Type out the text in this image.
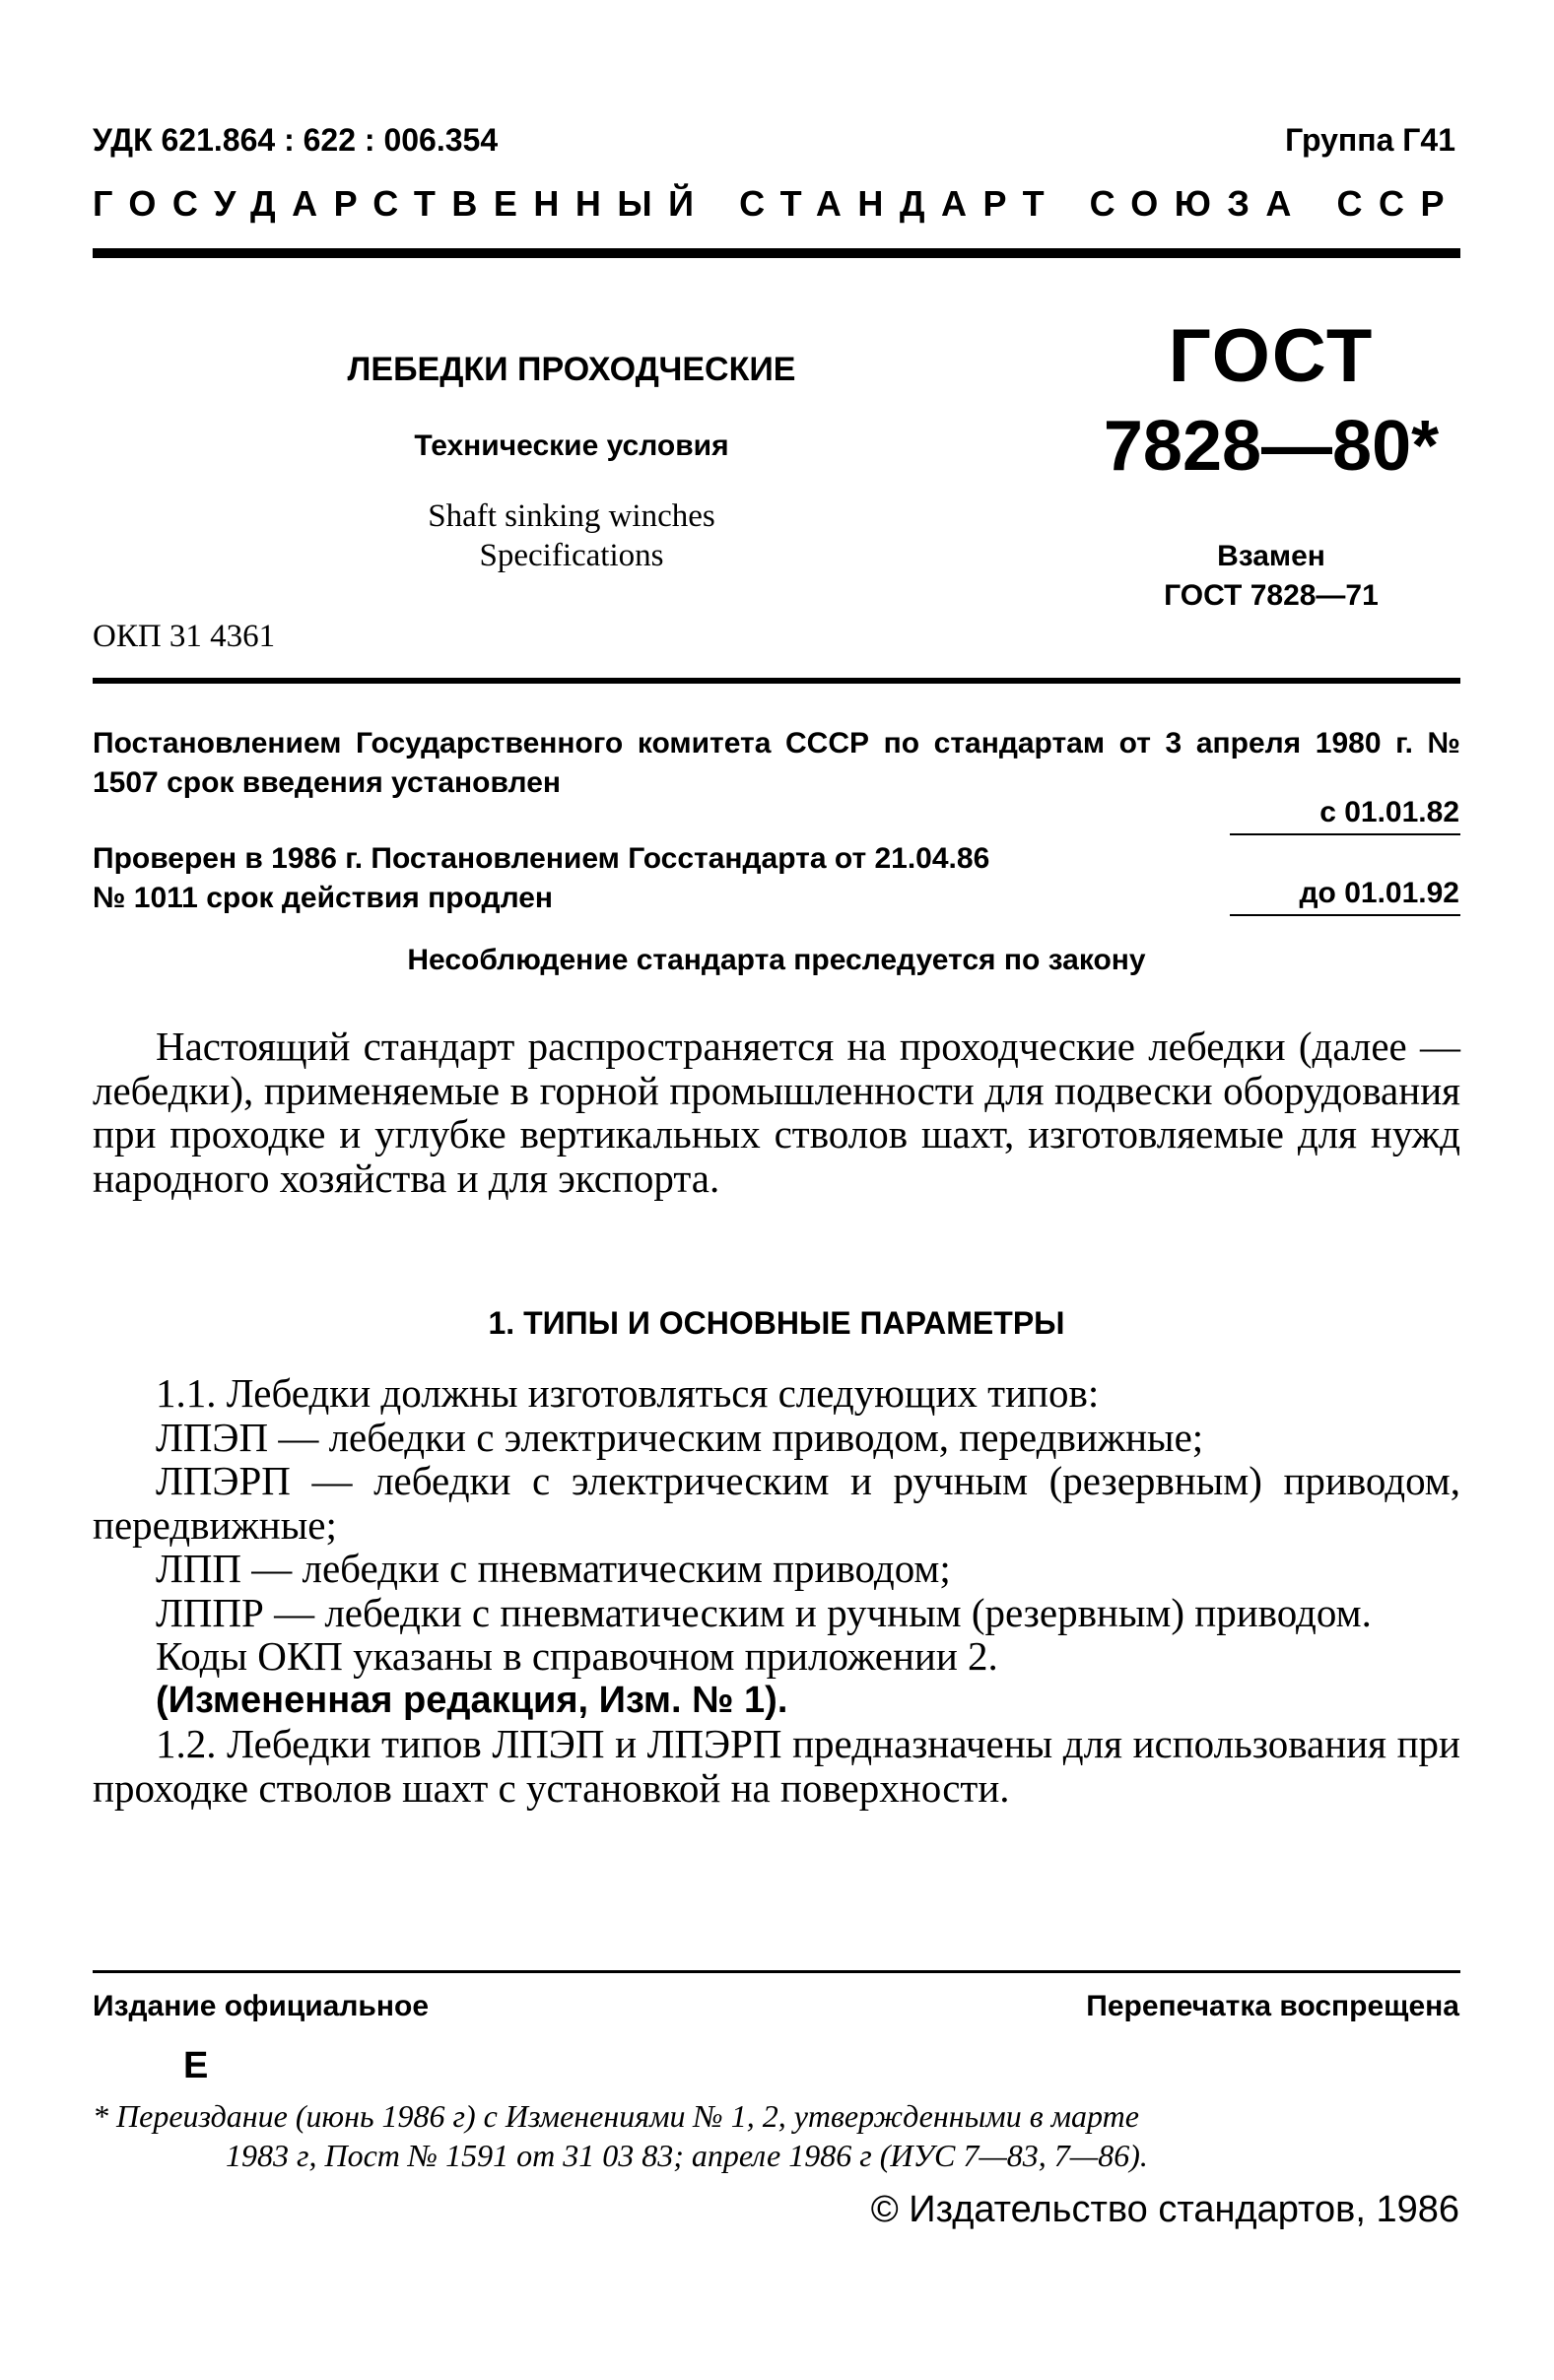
УДК 621.864 : 622 : 006.354	Группа Г41
ГОСУДАРСТВЕННЫЙ СТАНДАРТ СОЮЗА ССР
ЛЕБЕДКИ ПРОХОДЧЕСКИЕ
Технические условия
Shaft sinking winches
Specifications
ОКП 31 4361
ГОСТ
7828—80*
Взамен
ГОСТ 7828—71
Постановлением Государственного комитета СССР по стандартам от 3 апреля 1980 г. № 1507 срок введения установлен
с 01.01.82
Проверен в 1986 г. Постановлением Госстандарта от 21.04.86
№ 1011 срок действия продлен	до 01.01.92
Несоблюдение стандарта преследуется по закону
Настоящий стандарт распространяется на проходческие лебедки (далее — лебедки), применяемые в горной промышленности для подвески оборудования при проходке и углубке вертикальных стволов шахт, изготовляемые для нужд народного хозяйства и для экспорта.
1. ТИПЫ И ОСНОВНЫЕ ПАРАМЕТРЫ

1.1. Лебедки должны изготовляться следующих типов:

ЛПЭП — лебедки с электрическим приводом, передвижные;

ЛПЭРП — лебедки с электрическим и ручным (резервным) приводом, передвижные;

ЛПП — лебедки с пневматическим приводом;

ЛППР — лебедки с пневматическим и ручным (резервным) приводом.

Коды ОКП указаны в справочном приложении 2.

(Измененная редакция, Изм. № 1).

1.2. Лебедки типов ЛПЭП и ЛПЭРП предназначены для использования при проходке стволов шахт с установкой на поверхности.

Издание официальное	Перепечатка воспрещена
Е
* Переиздание (июнь 1986 г) с Изменениями № 1, 2, утвержденными в марте
1983 г, Пост № 1591 от 31 03 83; апреле 1986 г (ИУС 7—83, 7—86).
© Издательство стандартов, 1986
